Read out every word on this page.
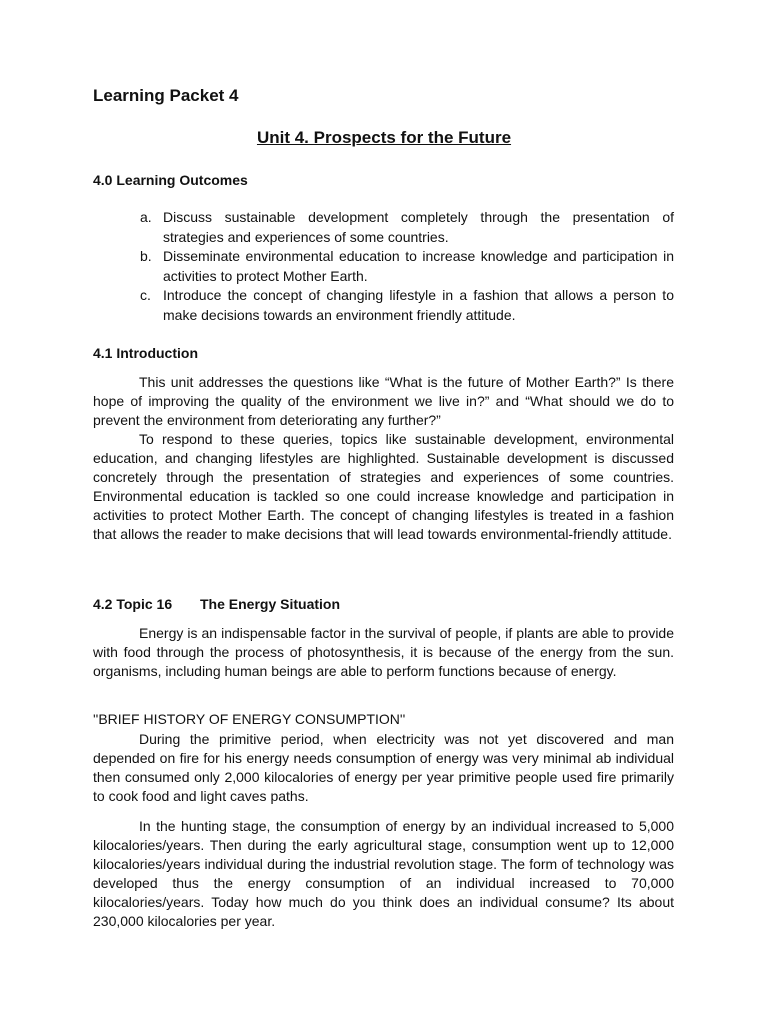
Learning Packet 4
Unit 4. Prospects for the Future
4.0 Learning Outcomes
a. Discuss sustainable development completely through the presentation of strategies and experiences of some countries.
b. Disseminate environmental education to increase knowledge and participation in activities to protect Mother Earth.
c. Introduce the concept of changing lifestyle in a fashion that allows a person to make decisions towards an environment friendly attitude.
4.1 Introduction

This unit addresses the questions like “What is the future of Mother Earth?” Is there hope of improving the quality of the environment we live in?” and “What should we do to prevent the environment from deteriorating any further?”

To respond to these queries, topics like sustainable development, environmental education, and changing lifestyles are highlighted. Sustainable development is discussed concretely through the presentation of strategies and experiences of some countries. Environmental education is tackled so one could increase knowledge and participation in activities to protect Mother Earth. The concept of changing lifestyles is treated in a fashion that allows the reader to make decisions that will lead towards environmental-friendly attitude.

4.2 Topic 16 The Energy Situation

Energy is an indispensable factor in the survival of people, if plants are able to provide with food through the process of photosynthesis, it is because of the energy from the sun. organisms, including human beings are able to perform functions because of energy.

''BRIEF HISTORY OF ENERGY CONSUMPTION''

During the primitive period, when electricity was not yet discovered and man depended on fire for his energy needs consumption of energy was very minimal ab individual then consumed only 2,000 kilocalories of energy per year primitive people used fire primarily to cook food and light caves paths.

In the hunting stage, the consumption of energy by an individual increased to 5,000 kilocalories/years. Then during the early agricultural stage, consumption went up to 12,000 kilocalories/years individual during the industrial revolution stage. The form of technology was developed thus the energy consumption of an individual increased to 70,000 kilocalories/years. Today how much do you think does an individual consume? Its about 230,000 kilocalories per year.
